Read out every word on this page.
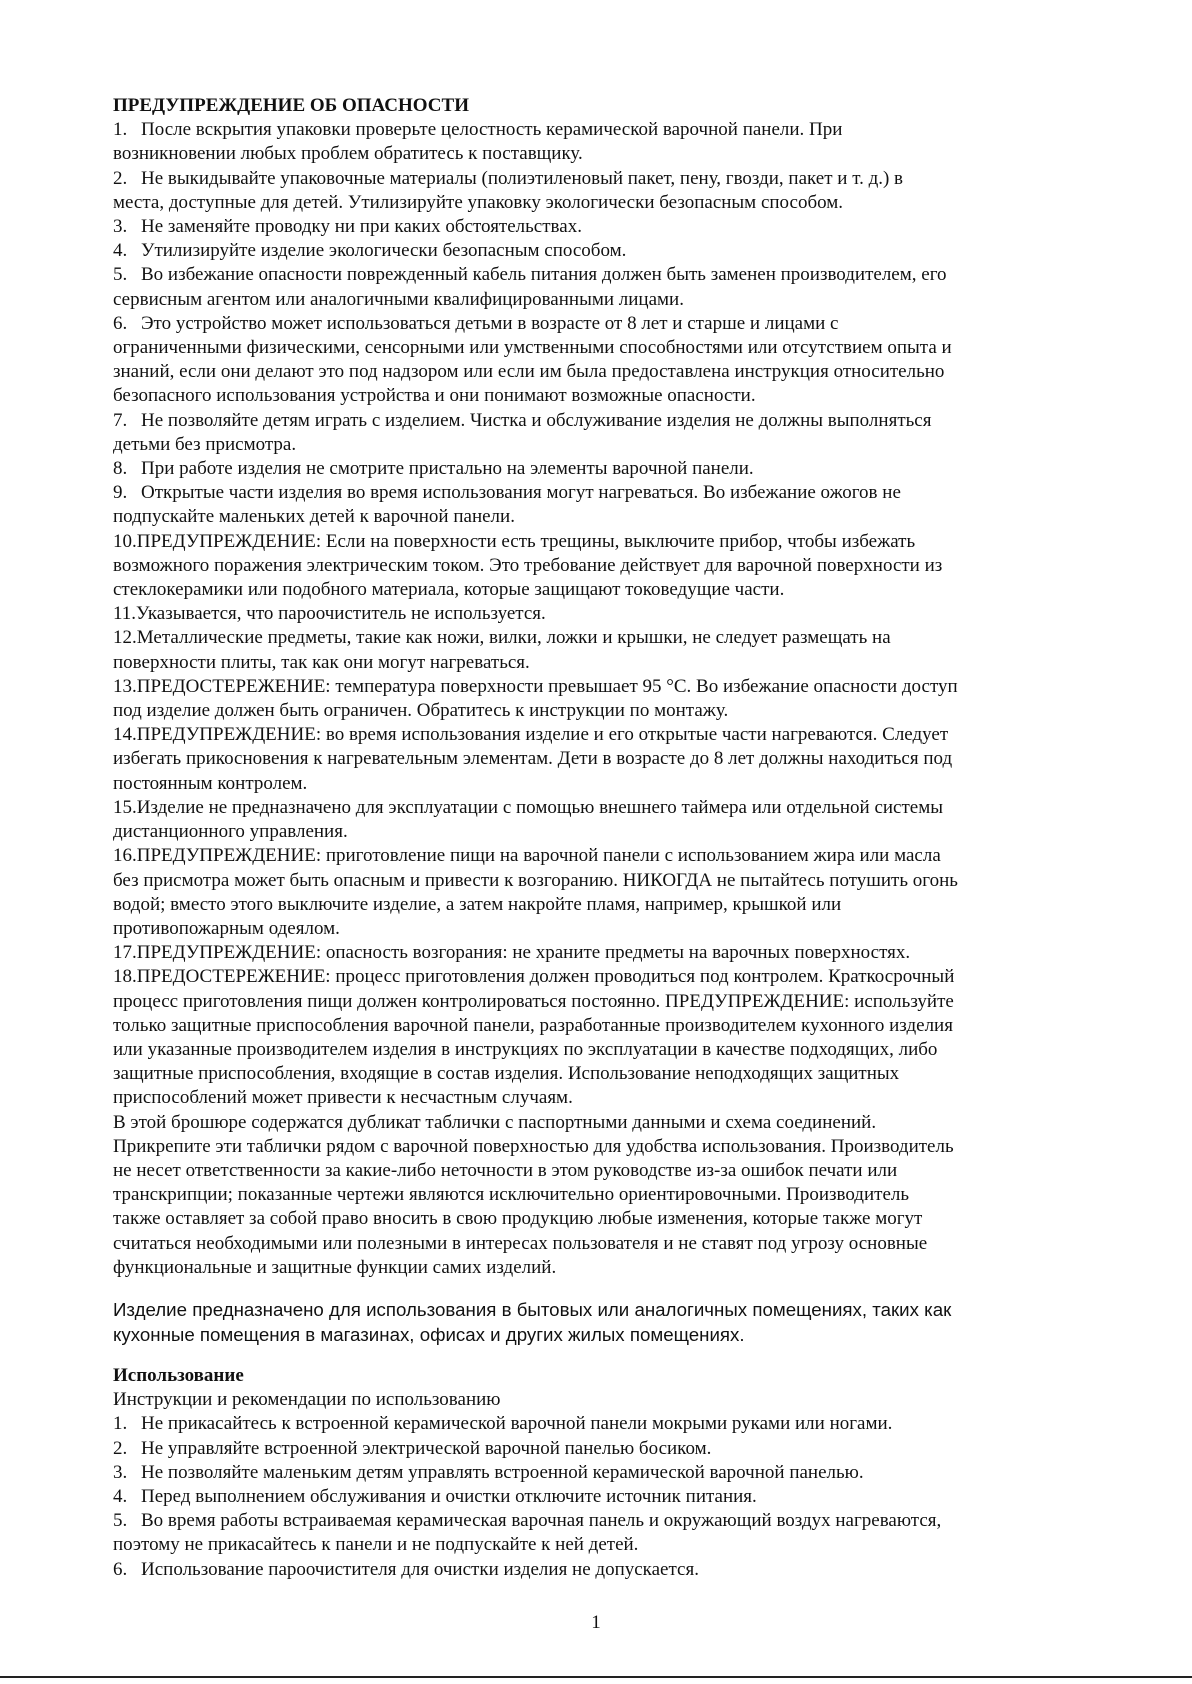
ПРЕДУПРЕЖДЕНИЕ ОБ ОПАСНОСТИ

1. После вскрытия упаковки проверьте целостность керамической варочной панели. При
возникновении любых проблем обратитесь к поставщику.
2. Не выкидывайте упаковочные материалы (полиэтиленовый пакет, пену, гвозди, пакет и т. д.) в
места, доступные для детей. Утилизируйте упаковку экологически безопасным способом.
3. Не заменяйте проводку ни при каких обстоятельствах.
4. Утилизируйте изделие экологически безопасным способом.
5. Во избежание опасности поврежденный кабель питания должен быть заменен производителем, его
сервисным агентом или аналогичными квалифицированными лицами.
6. Это устройство может использоваться детьми в возрасте от 8 лет и старше и лицами с
ограниченными физическими, сенсорными или умственными способностями или отсутствием опыта и
знаний, если они делают это под надзором или если им была предоставлена инструкция относительно
безопасного использования устройства и они понимают возможные опасности.
7. Не позволяйте детям играть с изделием. Чистка и обслуживание изделия не должны выполняться
детьми без присмотра.
8. При работе изделия не смотрите пристально на элементы варочной панели.
9. Открытые части изделия во время использования могут нагреваться. Во избежание ожогов не
подпускайте маленьких детей к варочной панели.
10.ПРЕДУПРЕЖДЕНИЕ: Если на поверхности есть трещины, выключите прибор, чтобы избежать
возможного поражения электрическим током. Это требование действует для варочной поверхности из
стеклокерамики или подобного материала, которые защищают токоведущие части.
11.Указывается, что пароочиститель не используется.
12.Металлические предметы, такие как ножи, вилки, ложки и крышки, не следует размещать на
поверхности плиты, так как они могут нагреваться.
13.ПРЕДОСТЕРЕЖЕНИЕ: температура поверхности превышает 95 °С. Во избежание опасности доступ
под изделие должен быть ограничен. Обратитесь к инструкции по монтажу.
14.ПРЕДУПРЕЖДЕНИЕ: во время использования изделие и его открытые части нагреваются. Следует
избегать прикосновения к нагревательным элементам. Дети в возрасте до 8 лет должны находиться под
постоянным контролем.
15.Изделие не предназначено для эксплуатации с помощью внешнего таймера или отдельной системы
дистанционного управления.
16.ПРЕДУПРЕЖДЕНИЕ: приготовление пищи на варочной панели с использованием жира или масла
без присмотра может быть опасным и привести к возгоранию. НИКОГДА не пытайтесь потушить огонь
водой; вместо этого выключите изделие, а затем накройте пламя, например, крышкой или
противопожарным одеялом.
17.ПРЕДУПРЕЖДЕНИЕ: опасность возгорания: не храните предметы на варочных поверхностях.
18.ПРЕДОСТЕРЕЖЕНИЕ: процесс приготовления должен проводиться под контролем. Краткосрочный
процесс приготовления пищи должен контролироваться постоянно. ПРЕДУПРЕЖДЕНИЕ: используйте
только защитные приспособления варочной панели, разработанные производителем кухонного изделия
или указанные производителем изделия в инструкциях по эксплуатации в качестве подходящих, либо
защитные приспособления, входящие в состав изделия. Использование неподходящих защитных
приспособлений может привести к несчастным случаям.
В этой брошюре содержатся дубликат таблички с паспортными данными и схема соединений.
Прикрепите эти таблички рядом с варочной поверхностью для удобства использования. Производитель
не несет ответственности за какие-либо неточности в этом руководстве из-за ошибок печати или
транскрипции; показанные чертежи являются исключительно ориентировочными. Производитель
также оставляет за собой право вносить в свою продукцию любые изменения, которые также могут
считаться необходимыми или полезными в интересах пользователя и не ставят под угрозу основные
функциональные и защитные функции самих изделий.
Изделие предназначено для использования в бытовых или аналогичных помещениях, таких как
кухонные помещения в магазинах, офисах и других жилых помещениях.

Использование

Инструкции и рекомендации по использованию

1. Не прикасайтесь к встроенной керамической варочной панели мокрыми руками или ногами.
2. Не управляйте встроенной электрической варочной панелью босиком.
3. Не позволяйте маленьким детям управлять встроенной керамической варочной панелью.
4. Перед выполнением обслуживания и очистки отключите источник питания.
5. Во время работы встраиваемая керамическая варочная панель и окружающий воздух нагреваются,
поэтому не прикасайтесь к панели и не подпускайте к ней детей.
6. Использование пароочистителя для очистки изделия не допускается.
1
